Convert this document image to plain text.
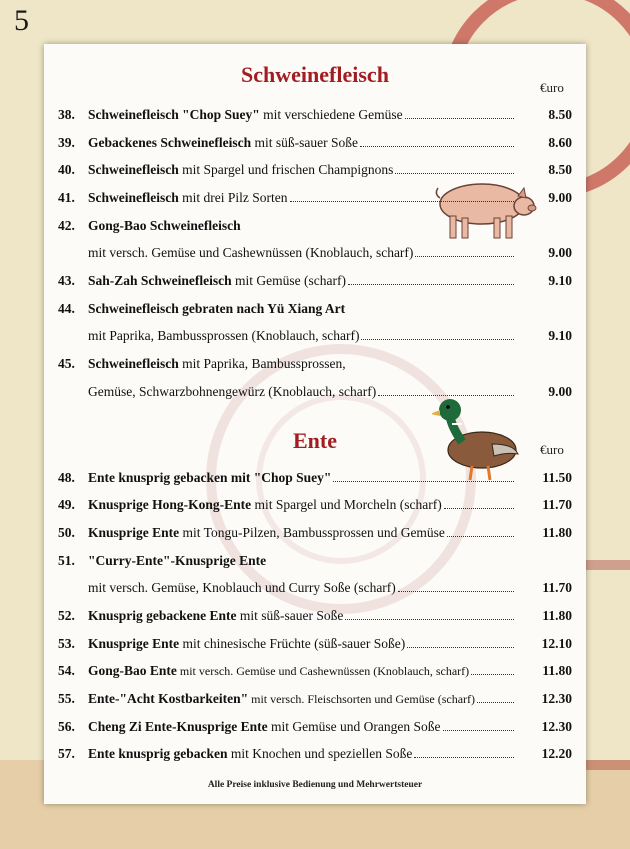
5
Schweinefleisch
€uro
38. Schweinefleisch "Chop Suey" mit verschiedene Gemüse	8.50
39. Gebackenes Schweinefleisch mit süß-sauer Soße	8.60
40. Schweinefleisch mit Spargel und frischen Champignons	8.50
41. Schweinefleisch mit drei Pilz Sorten	9.00
42. Gong-Bao Schweinefleisch
mit versch. Gemüse und Cashewnüssen (Knoblauch, scharf)	9.00
43. Sah-Zah Schweinefleisch mit Gemüse (scharf)	9.10
44. Schweinefleisch gebraten nach Yü Xiang Art
mit Paprika, Bambussprossen (Knoblauch, scharf)	9.10
45. Schweinefleisch mit Paprika, Bambussprossen,
Gemüse, Schwarzbohnengewürz (Knoblauch, scharf)	9.00
Ente	€uro
48. Ente knusprig gebacken mit "Chop Suey"	11.50
49. Knusprige Hong-Kong-Ente mit Spargel und Morcheln (scharf)	11.70
50. Knusprige Ente mit Tongu-Pilzen, Bambussprossen und Gemüse	11.80
51. "Curry-Ente"-Knusprige Ente
mit versch. Gemüse, Knoblauch und Curry Soße (scharf)	11.70
52. Knusprig gebackene Ente mit süß-sauer Soße	11.80
53. Knusprige Ente mit chinesische Früchte (süß-sauer Soße)	12.10
54. Gong-Bao Ente mit versch. Gemüse und Cashewnüssen (Knoblauch, scharf)	11.80
55. Ente-"Acht Kostbarkeiten" mit versch. Fleischsorten und Gemüse (scharf)	12.30
56. Cheng Zi Ente-Knusprige Ente mit Gemüse und Orangen Soße	12.30
57. Ente knusprig gebacken mit Knochen und speziellen Soße	12.20
Alle Preise inklusive Bedienung und Mehrwertsteuer
